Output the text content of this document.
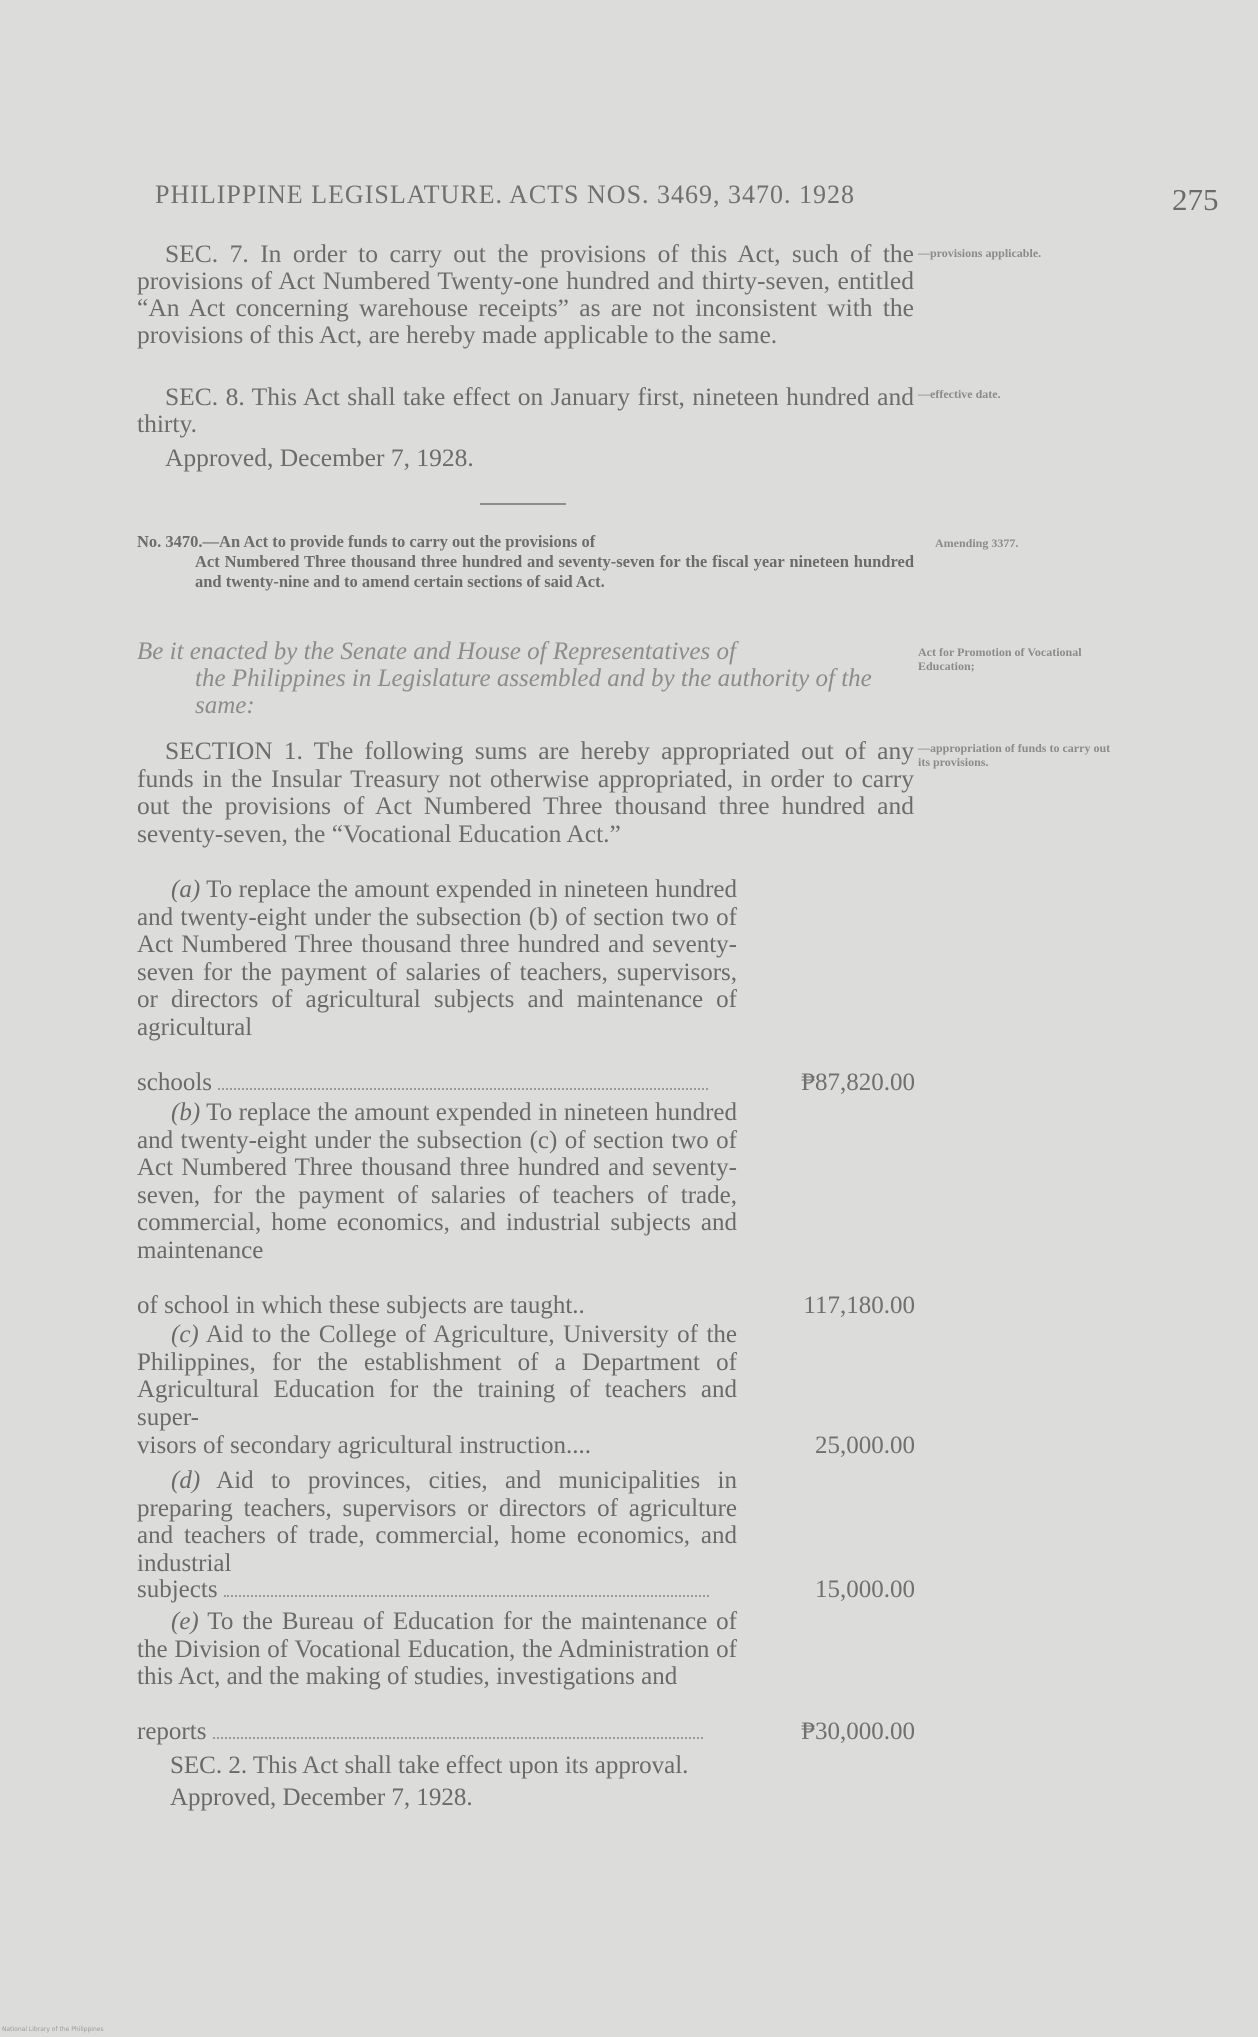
PHILIPPINE LEGISLATURE. ACTS NOS. 3469, 3470. 1928	275
SEC. 7. In order to carry out the provisions of this Act, such of the provisions of Act Numbered Twenty-one hundred and thirty-seven, entitled “An Act concerning warehouse receipts” as are not inconsistent with the provisions of this Act, are hereby made applicable to the same.
—provisions applicable.
SEC. 8. This Act shall take effect on January first, nineteen hundred and thirty.
—effective date.
Approved, December 7, 1928.
No. 3470.—An Act to provide funds to carry out the provisions of
Act Numbered Three thousand three hundred and seventy-seven for the fiscal year nineteen hundred and twenty-nine and to amend certain sections of said Act.
Amending 3377.
Be it enacted by the Senate and House of Representatives of
the Philippines in Legislature assembled and by the authority of the same:
Act for Promotion of Vocational Education;
SECTION 1. The following sums are hereby appropriated out of any funds in the Insular Treasury not otherwise appropriated, in order to carry out the provisions of Act Numbered Three thousand three hundred and seventy-seven, the “Vocational Education Act.”
—appropriation of funds to carry out its provisions.
(a) To replace the amount expended in nineteen hundred and twenty-eight under the subsection (b) of section two of Act Numbered Three thousand three hundred and seventy-seven for the payment of salaries of teachers, supervisors, or directors of agricultural subjects and maintenance of agricultural
schools	₱87,820.00
(b) To replace the amount expended in nineteen hundred and twenty-eight under the subsection (c) of section two of Act Numbered Three thousand three hundred and seventy-seven, for the payment of salaries of teachers of trade, commercial, home economics, and industrial subjects and maintenance
of school in which these subjects are taught..	117,180.00
(c) Aid to the College of Agriculture, University of the Philippines, for the establishment of a Department of Agricultural Education for the training of teachers and super-
visors of secondary agricultural instruction....	25,000.00
(d) Aid to provinces, cities, and municipalities in preparing teachers, supervisors or directors of agriculture and teachers of trade, commercial, home economics, and industrial
subjects	15,000.00
(e) To the Bureau of Education for the maintenance of the Division of Vocational Education, the Administration of this Act, and the making of studies, investigations and
reports	₱30,000.00
SEC. 2. This Act shall take effect upon its approval.
Approved, December 7, 1928.
National Library of the Philippines
